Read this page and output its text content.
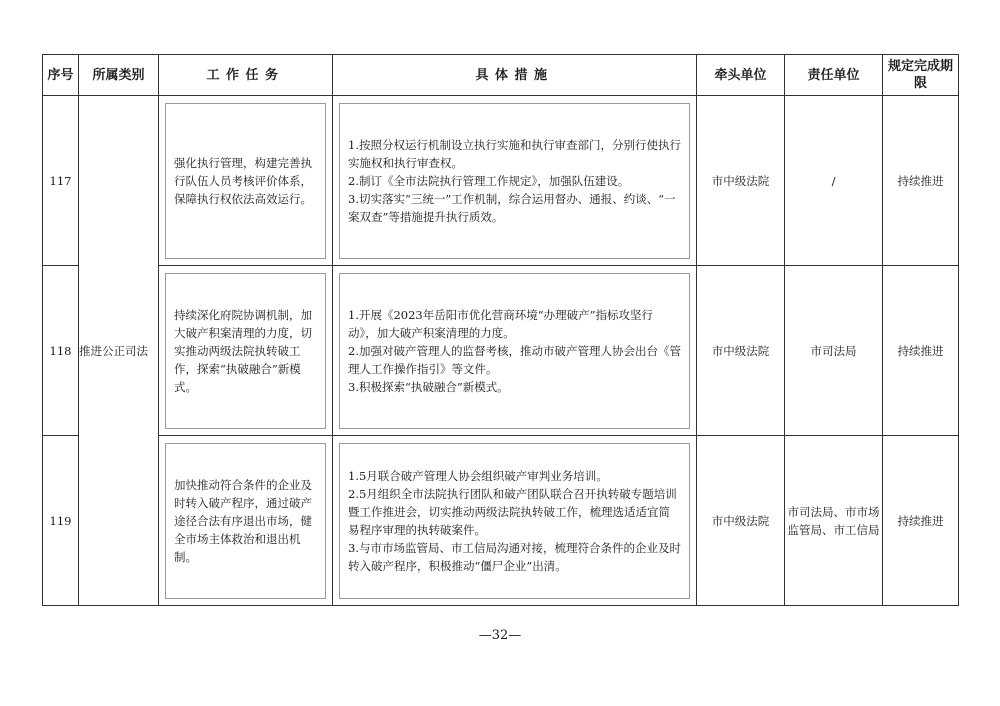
序号	所属类别	工作任务	具体措施	牵头单位	责任单位	规定完成期限
117	推进公正司法	强化执行管理，构建完善执行队伍人员考核评价体系，保障执行权依法高效运行。	1.按照分权运行机制设立执行实施和执行审查部门，分别行使执行实施权和执行审查权。
2.制订《全市法院执行管理工作规定》，加强队伍建设。
3.切实落实“三统一”工作机制，综合运用督办、通报、约谈、“一案双查”等措施提升执行质效。	市中级法院	/	持续推进
118		持续深化府院协调机制，加大破产积案清理的力度，切实推动两级法院执转破工作，探索“执破融合”新模式。	1.开展《2023年岳阳市优化营商环境“办理破产”指标攻坚行动》，加大破产积案清理的力度。
2.加强对破产管理人的监督考核，推动市破产管理人协会出台《管理人工作操作指引》等文件。
3.积极探索“执破融合”新模式。	市中级法院	市司法局	持续推进
119		加快推动符合条件的企业及时转入破产程序，通过破产途径合法有序退出市场，健全市场主体救治和退出机制。	1.5月联合破产管理人协会组织破产审判业务培训。
2.5月组织全市法院执行团队和破产团队联合召开执转破专题培训暨工作推进会，切实推动两级法院执转破工作，梳理选适适宜简易程序审理的执转破案件。
3.与市市场监管局、市工信局沟通对接，梳理符合条件的企业及时转入破产程序，积极推动“僵尸企业”出清。	市中级法院	市司法局、市市场监管局、市工信局	持续推进
—32—
